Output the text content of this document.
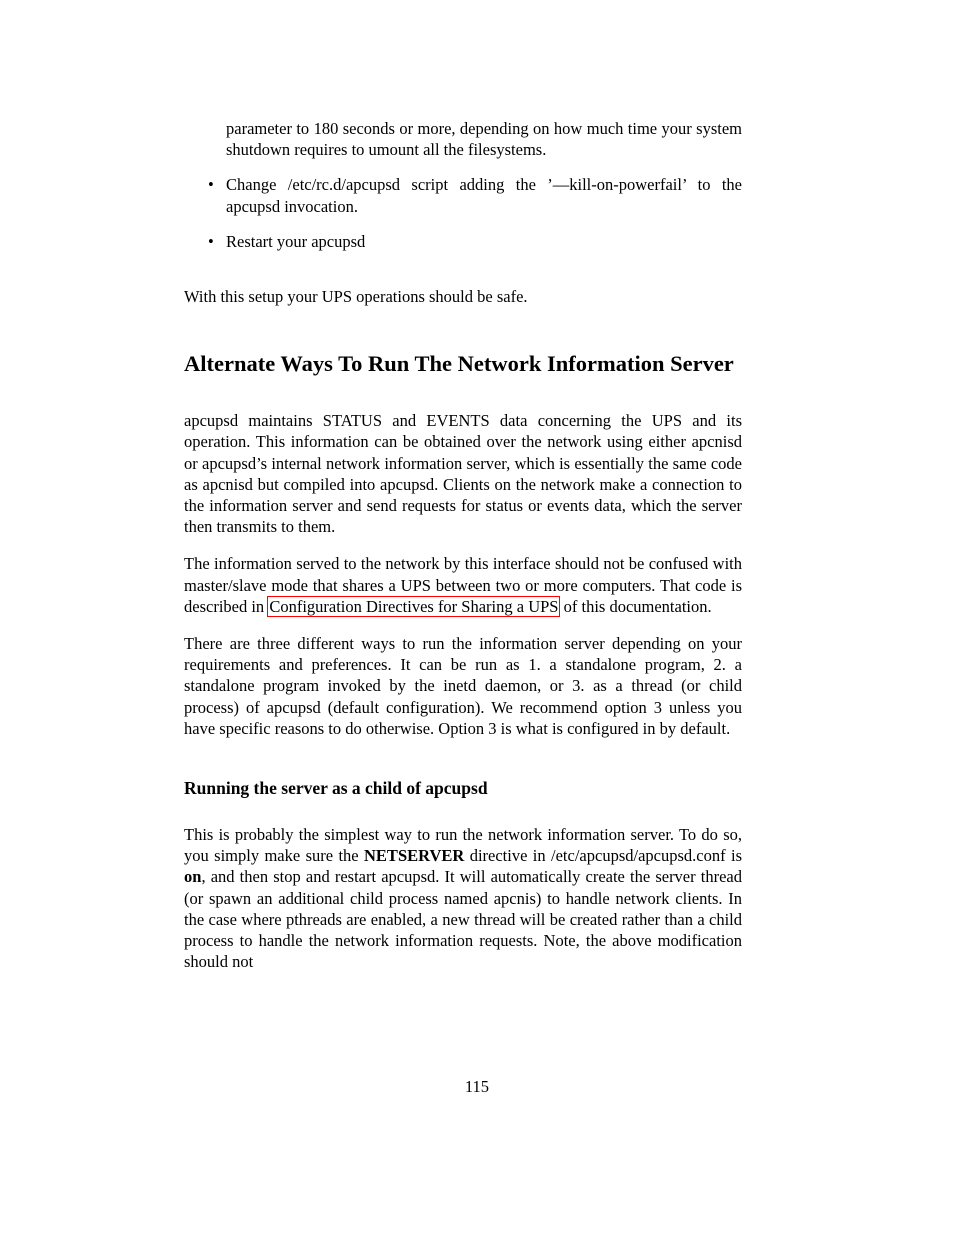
parameter to 180 seconds or more, depending on how much time your system shutdown requires to umount all the filesystems.
• Change /etc/rc.d/apcupsd script adding the ’—kill-on-powerfail’ to the apcupsd invocation.
• Restart your apcupsd

With this setup your UPS operations should be safe.

Alternate Ways To Run The Network Information Server

apcupsd maintains STATUS and EVENTS data concerning the UPS and its operation. This information can be obtained over the network using either apcnisd or apcupsd’s internal network information server, which is essentially the same code as apcnisd but compiled into apcupsd. Clients on the network make a connection to the information server and send requests for status or events data, which the server then transmits to them.

The information served to the network by this interface should not be confused with master/slave mode that shares a UPS between two or more computers. That code is described in Configuration Directives for Sharing a UPS of this documentation.

There are three different ways to run the information server depending on your requirements and preferences. It can be run as 1. a standalone program, 2. a standalone program invoked by the inetd daemon, or 3. as a thread (or child process) of apcupsd (default configuration). We recommend option 3 unless you have specific reasons to do otherwise. Option 3 is what is configured in by default.

Running the server as a child of apcupsd

This is probably the simplest way to run the network information server. To do so, you simply make sure the NETSERVER directive in /etc/apcupsd/apcupsd.conf is on, and then stop and restart apcupsd. It will automatically create the server thread (or spawn an additional child process named apcnis) to handle network clients. In the case where pthreads are enabled, a new thread will be created rather than a child process to handle the network information requests. Note, the above modification should not

115
